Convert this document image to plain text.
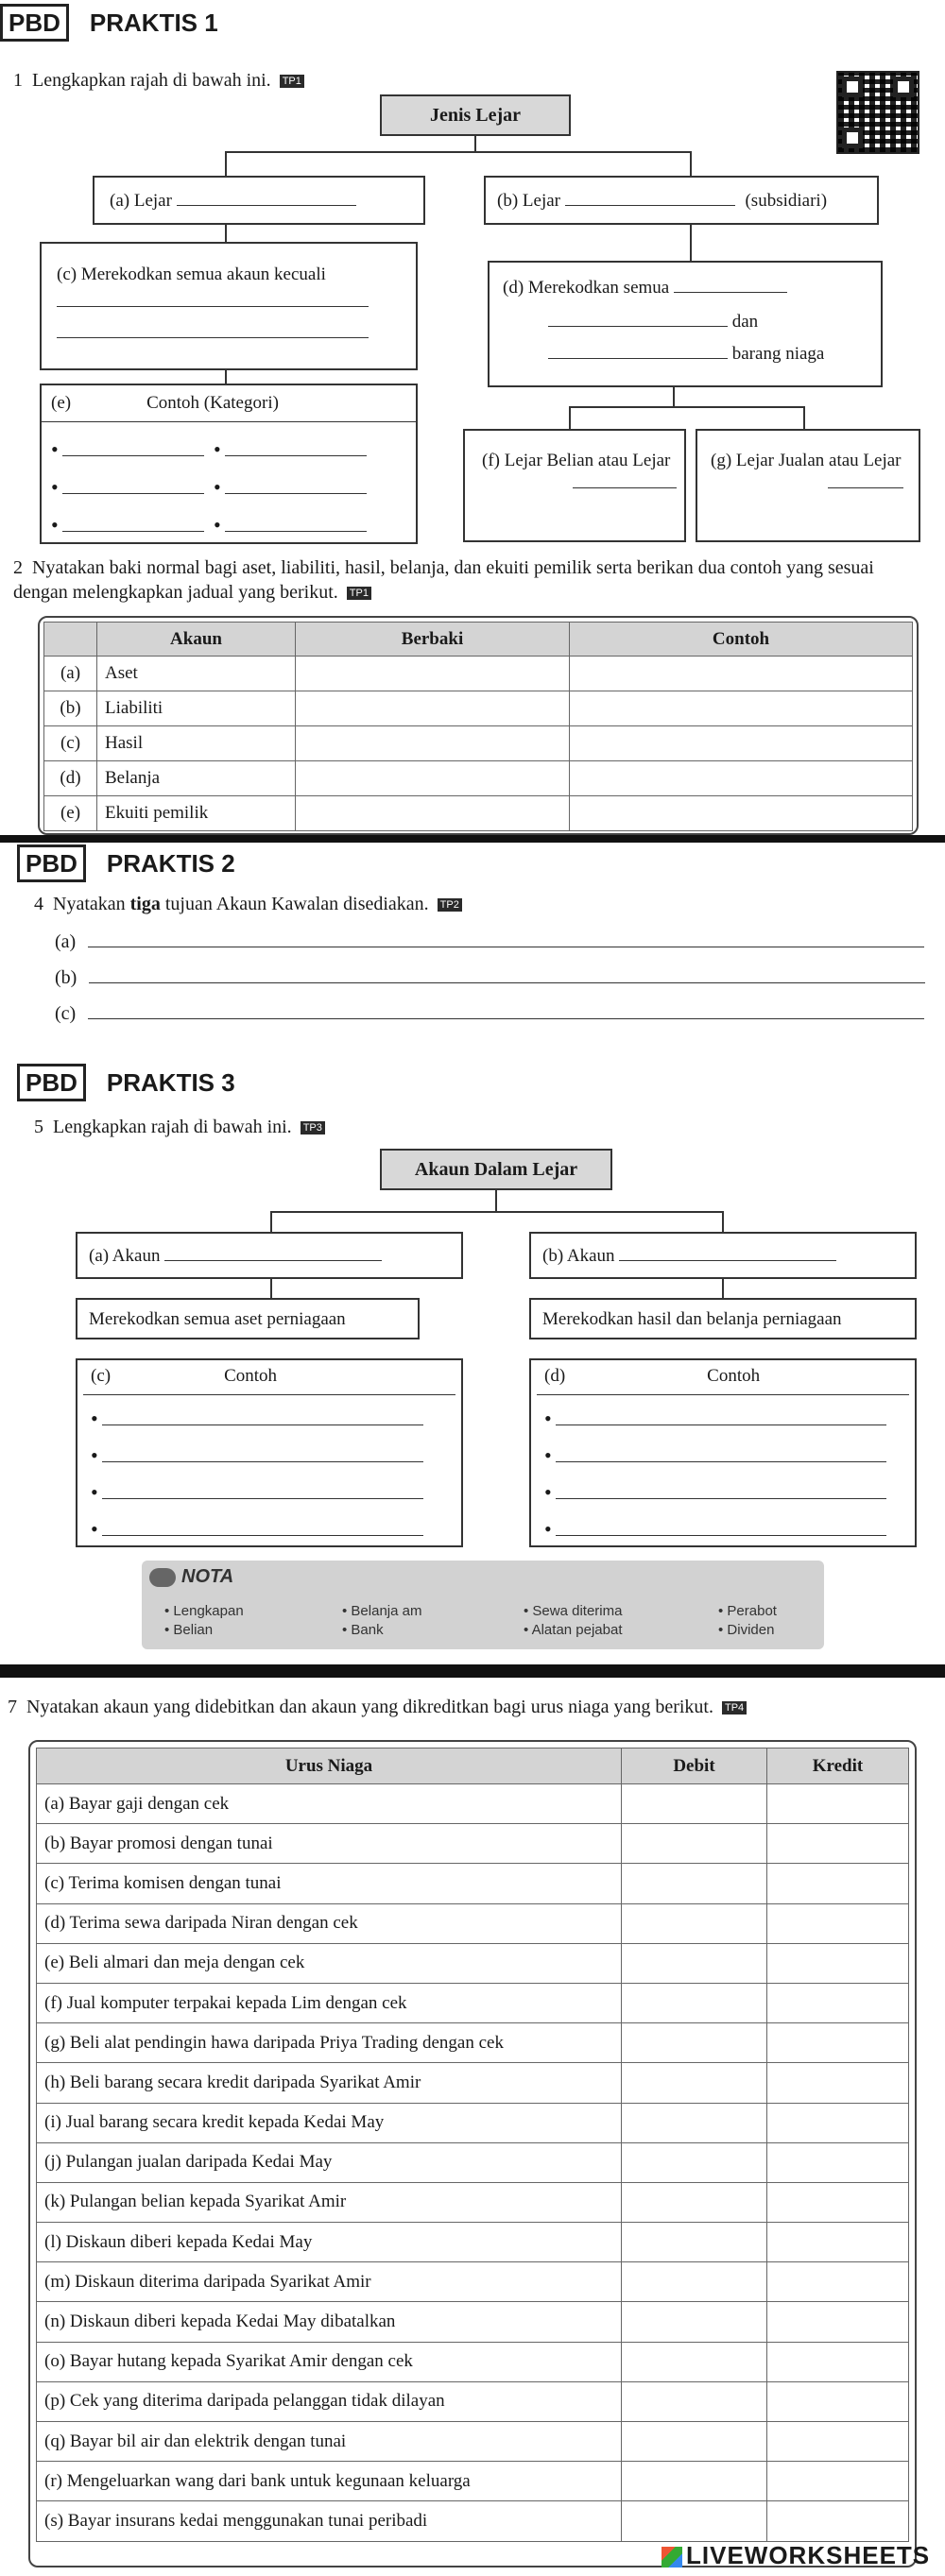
PBD PRAKTIS 1
1 Lengkapkan rajah di bawah ini. TP1
Jenis Lejar
(a) Lejar	(b) Lejar	(subsidiari)
(c) Merekodkan semua akaun kecuali

(d) Merekodkan semua
dan
barang niaga
(e)	Contoh (Kategori)
•	•
•	•
•	•
(f) Lejar Belian atau Lejar (g) Lejar Jualan atau Lejar
2 Nyatakan baki normal bagi aset, liabiliti, hasil, belanja, dan ekuiti pemilik serta berikan dua contoh yang sesuai dengan melengkapkan jadual yang berikut. TP1
	Akaun	Berbaki	Contoh
(a)	Aset		
(b)	Liabiliti		
(c)	Hasil		
(d)	Belanja		
(e)	Ekuiti pemilik		
PBD PRAKTIS 2
4 Nyatakan tiga tujuan Akaun Kawalan disediakan. TP2
(a)
(b)
(c)
PBD PRAKTIS 3
5 Lengkapkan rajah di bawah ini. TP3
Akaun Dalam Lejar
(a) Akaun	(b) Akaun
Merekodkan semua aset perniagaan	Merekodkan hasil dan belanja perniagaan
(c)	Contoh
•
•
•
•
(d)	Contoh
•
•
•
•
NOTA
• Lengkapan
• Belian
• Belanja am
• Bank
• Sewa diterima
• Alatan pejabat
• Perabot
• Dividen
7 Nyatakan akaun yang didebitkan dan akaun yang dikreditkan bagi urus niaga yang berikut. TP4
Urus Niaga	Debit	Kredit
(a) Bayar gaji dengan cek		
(b) Bayar promosi dengan tunai		
(c) Terima komisen dengan tunai		
(d) Terima sewa daripada Niran dengan cek		
(e) Beli almari dan meja dengan cek		
(f) Jual komputer terpakai kepada Lim dengan cek		
(g) Beli alat pendingin hawa daripada Priya Trading dengan cek		
(h) Beli barang secara kredit daripada Syarikat Amir		
(i) Jual barang secara kredit kepada Kedai May		
(j) Pulangan jualan daripada Kedai May		
(k) Pulangan belian kepada Syarikat Amir		
(l) Diskaun diberi kepada Kedai May		
(m) Diskaun diterima daripada Syarikat Amir		
(n) Diskaun diberi kepada Kedai May dibatalkan		
(o) Bayar hutang kepada Syarikat Amir dengan cek		
(p) Cek yang diterima daripada pelanggan tidak dilayan		
(q) Bayar bil air dan elektrik dengan tunai		
(r) Mengeluarkan wang dari bank untuk kegunaan keluarga		
(s) Bayar insurans kedai menggunakan tunai peribadi		
LIVEWORKSHEETS
